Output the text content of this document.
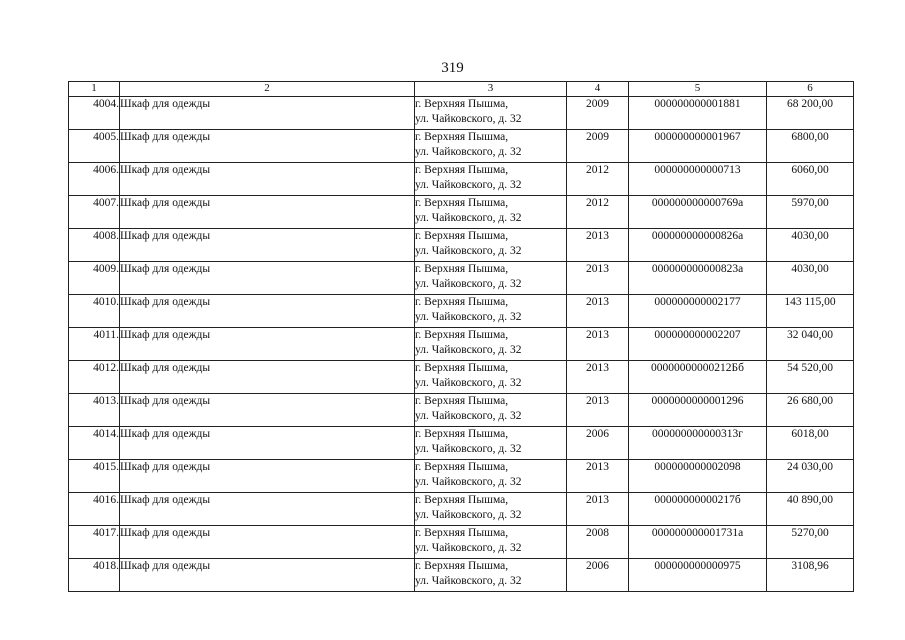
319
1	2	3	4	5	6

4004.	Шкаф для одежды	г. Верхняя Пышма,
ул. Чайковского, д. 32	2009	000000000001881	68 200,00

4005.	Шкаф для одежды	г. Верхняя Пышма,
ул. Чайковского, д. 32	2009	000000000001967	6800,00

4006.	Шкаф для одежды	г. Верхняя Пышма,
ул. Чайковского, д. 32	2012	000000000000713	6060,00

4007.	Шкаф для одежды	г. Верхняя Пышма,
ул. Чайковского, д. 32	2012	000000000000769а	5970,00

4008.	Шкаф для одежды	г. Верхняя Пышма,
ул. Чайковского, д. 32	2013	000000000000826а	4030,00

4009.	Шкаф для одежды	г. Верхняя Пышма,
ул. Чайковского, д. 32	2013	000000000000823а	4030,00

4010.	Шкаф для одежды	г. Верхняя Пышма,
ул. Чайковского, д. 32	2013	000000000002177	143 115,00

4011.	Шкаф для одежды	г. Верхняя Пышма,
ул. Чайковского, д. 32	2013	000000000002207	32 040,00

4012.	Шкаф для одежды	г. Верхняя Пышма,
ул. Чайковского, д. 32	2013	00000000000212Бб	54 520,00

4013.	Шкаф для одежды	г. Верхняя Пышма,
ул. Чайковского, д. 32	2013	0000000000001296	26 680,00

4014.	Шкаф для одежды	г. Верхняя Пышма,
ул. Чайковского, д. 32	2006	000000000000313г	6018,00

4015.	Шкаф для одежды	г. Верхняя Пышма,
ул. Чайковского, д. 32	2013	000000000002098	24 030,00

4016.	Шкаф для одежды	г. Верхняя Пышма,
ул. Чайковского, д. 32	2013	00000000000217б	40 890,00

4017.	Шкаф для одежды	г. Верхняя Пышма,
ул. Чайковского, д. 32	2008	000000000001731а	5270,00

4018.	Шкаф для одежды	г. Верхняя Пышма,
ул. Чайковского, д. 32	2006	000000000000975	3108,96
